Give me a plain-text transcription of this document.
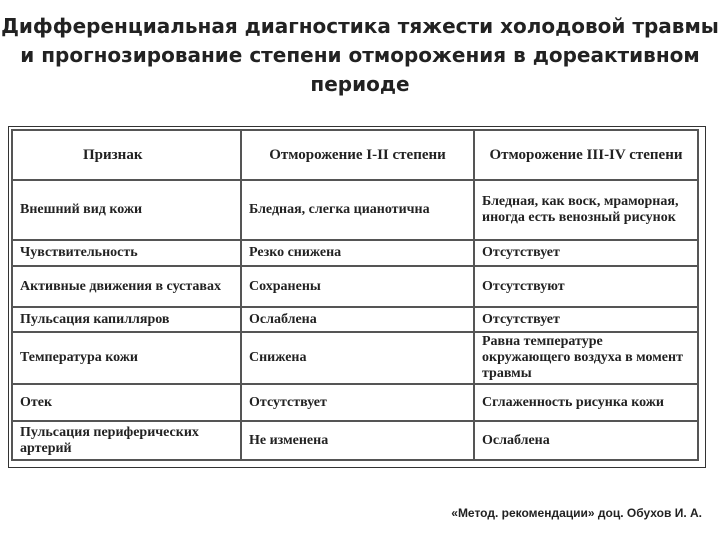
Дифференциальная диагностика тяжести холодовой травмы и прогнозирование степени отморожения в дореактивном периоде
Признак	Отморожение I-II степени	Отморожение III-IV степени
Внешний вид кожи	Бледная, слегка цианотична	Бледная, как воск, мраморная, иногда есть венозный рисунок
Чувствительность	Резко снижена	Отсутствует
Активные движения в суставах	Сохранены	Отсутствуют
Пульсация капилляров	Ослаблена	Отсутствует
Температура кожи	Снижена	Равна температуре окружающего воздуха в момент травмы
Отек	Отсутствует	Сглаженность рисунка кожи
Пульсация периферических артерий	Не изменена	Ослаблена
«Метод. рекомендации» доц. Обухов И. А.
